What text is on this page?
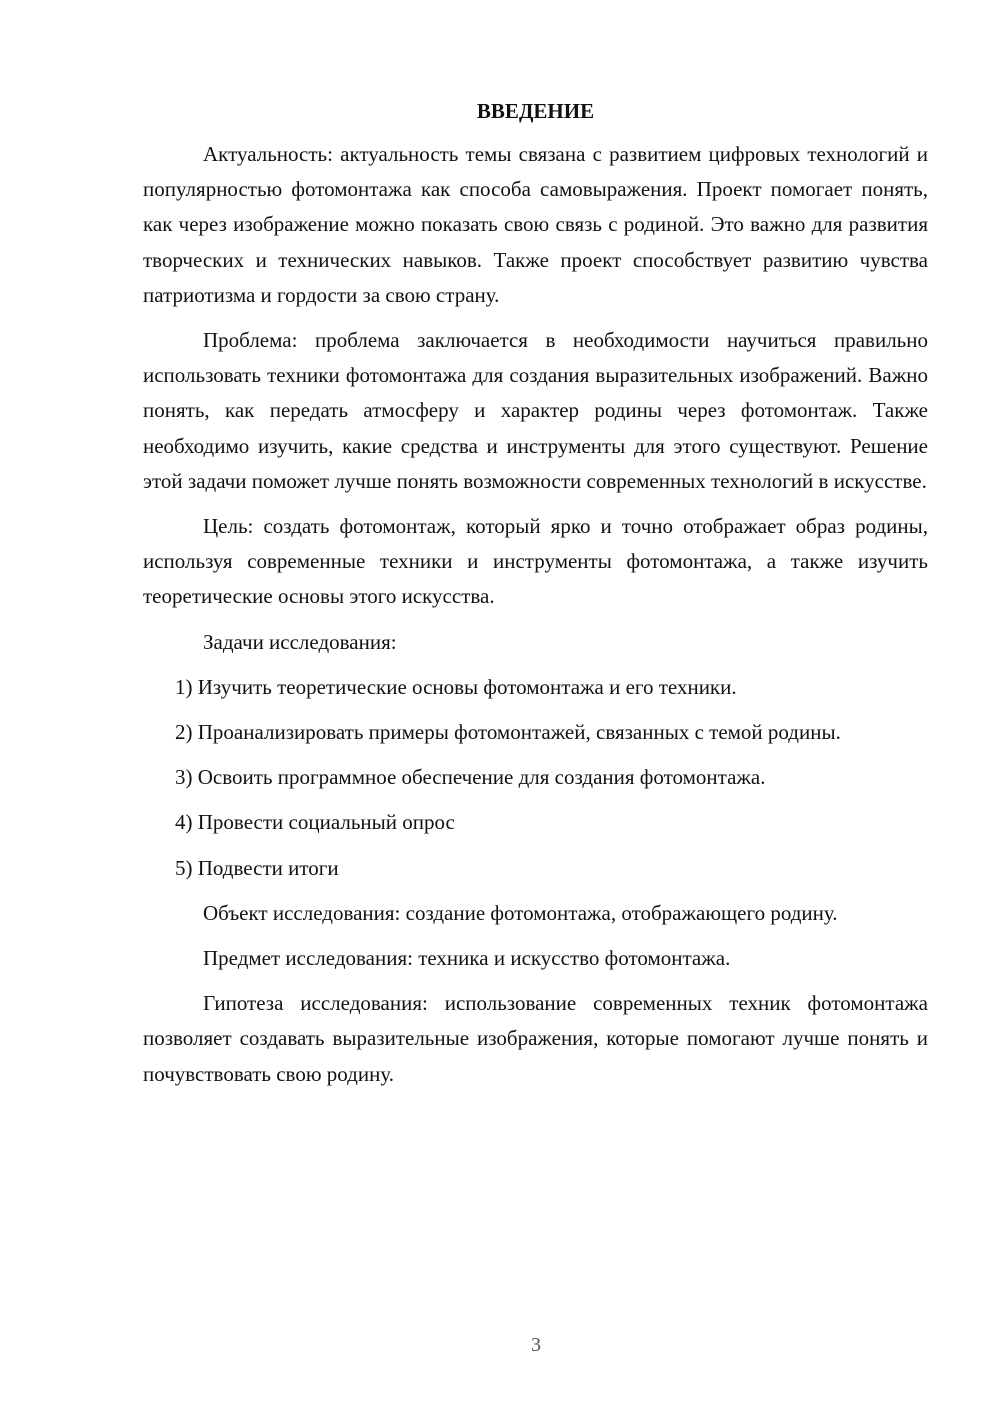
ВВЕДЕНИЕ

Актуальность: актуальность темы связана с развитием цифровых технологий и популярностью фотомонтажа как способа самовыражения. Проект помогает понять, как через изображение можно показать свою связь с родиной. Это важно для развития творческих и технических навыков. Также проект способствует развитию чувства патриотизма и гордости за свою страну.

Проблема: проблема заключается в необходимости научиться правильно использовать техники фотомонтажа для создания выразительных изображений. Важно понять, как передать атмосферу и характер родины через фотомонтаж. Также необходимо изучить, какие средства и инструменты для этого существуют. Решение этой задачи поможет лучше понять возможности современных технологий в искусстве.

Цель: создать фотомонтаж, который ярко и точно отображает образ родины, используя современные техники и инструменты фотомонтажа, а также изучить теоретические основы этого искусства.

Задачи исследования:

1) Изучить теоретические основы фотомонтажа и его техники.

2) Проанализировать примеры фотомонтажей, связанных с темой родины.

3) Освоить программное обеспечение для создания фотомонтажа.

4) Провести социальный опрос

5) Подвести итоги

Объект исследования: создание фотомонтажа, отображающего родину.

Предмет исследования: техника и искусство фотомонтажа.

Гипотеза исследования: использование современных техник фотомонтажа позволяет создавать выразительные изображения, которые помогают лучше понять и почувствовать свою родину.

3
